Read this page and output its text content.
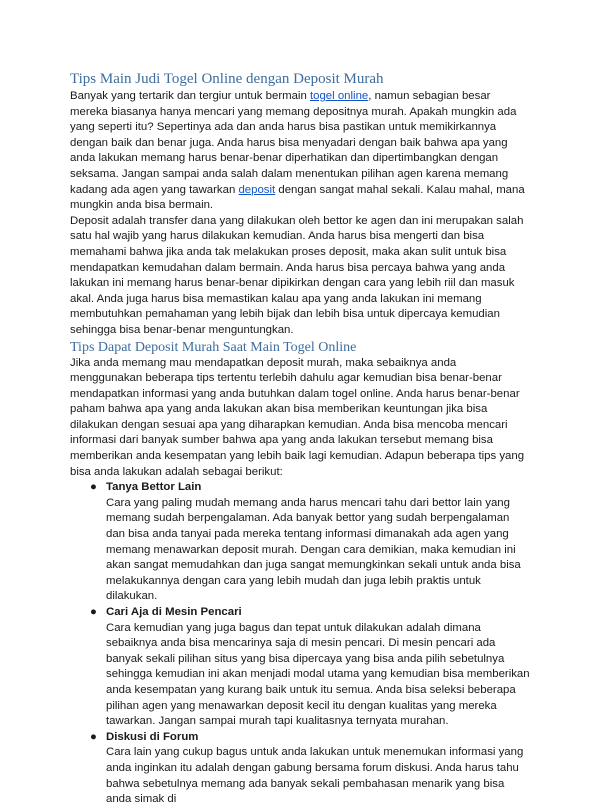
Tips Main Judi Togel Online dengan Deposit Murah

Banyak yang tertarik dan tergiur untuk bermain togel online, namun sebagian besar mereka biasanya hanya mencari yang memang depositnya murah. Apakah mungkin ada yang seperti itu? Sepertinya ada dan anda harus bisa pastikan untuk memikirkannya dengan baik dan benar juga. Anda harus bisa menyadari dengan baik bahwa apa yang anda lakukan memang harus benar-benar diperhatikan dan dipertimbangkan dengan seksama. Jangan sampai anda salah dalam menentukan pilihan agen karena memang kadang ada agen yang tawarkan deposit dengan sangat mahal sekali. Kalau mahal, mana mungkin anda bisa bermain.

Deposit adalah transfer dana yang dilakukan oleh bettor ke agen dan ini merupakan salah satu hal wajib yang harus dilakukan kemudian. Anda harus bisa mengerti dan bisa memahami bahwa jika anda tak melakukan proses deposit, maka akan sulit untuk bisa mendapatkan kemudahan dalam bermain. Anda harus bisa percaya bahwa yang anda lakukan ini memang harus benar-benar dipikirkan dengan cara yang lebih riil dan masuk akal. Anda juga harus bisa memastikan kalau apa yang anda lakukan ini memang membutuhkan pemahaman yang lebih bijak dan lebih bisa untuk dipercaya kemudian sehingga bisa benar-benar menguntungkan.

Tips Dapat Deposit Murah Saat Main Togel Online

Jika anda memang mau mendapatkan deposit murah, maka sebaiknya anda menggunakan beberapa tips tertentu terlebih dahulu agar kemudian bisa benar-benar mendapatkan informasi yang anda butuhkan dalam togel online. Anda harus benar-benar paham bahwa apa yang anda lakukan akan bisa memberikan keuntungan jika bisa dilakukan dengan sesuai apa yang diharapkan kemudian. Anda bisa mencoba mencari informasi dari banyak sumber bahwa apa yang anda lakukan tersebut memang bisa memberikan anda kesempatan yang lebih baik lagi kemudian. Adapun beberapa tips yang bisa anda lakukan adalah sebagai berikut:

● Tanya Bettor Lain

Cara yang paling mudah memang anda harus mencari tahu dari bettor lain yang memang sudah berpengalaman. Ada banyak bettor yang sudah berpengalaman dan bisa anda tanyai pada mereka tentang informasi dimanakah ada agen yang memang menawarkan deposit murah. Dengan cara demikian, maka kemudian ini akan sangat memudahkan dan juga sangat memungkinkan sekali untuk anda bisa melakukannya dengan cara yang lebih mudah dan juga lebih praktis untuk dilakukan.

● Cari Aja di Mesin Pencari

Cara kemudian yang juga bagus dan tepat untuk dilakukan adalah dimana sebaiknya anda bisa mencarinya saja di mesin pencari. Di mesin pencari ada banyak sekali pilihan situs yang bisa dipercaya yang bisa anda pilih sebetulnya sehingga kemudian ini akan menjadi modal utama yang kemudian bisa memberikan anda kesempatan yang kurang baik untuk itu semua. Anda bisa seleksi beberapa pilihan agen yang menawarkan deposit kecil itu dengan kualitas yang mereka tawarkan. Jangan sampai murah tapi kualitasnya ternyata murahan.

● Diskusi di Forum

Cara lain yang cukup bagus untuk anda lakukan untuk menemukan informasi yang anda inginkan itu adalah dengan gabung bersama forum diskusi. Anda harus tahu bahwa sebetulnya memang ada banyak sekali pembahasan menarik yang bisa anda simak di
